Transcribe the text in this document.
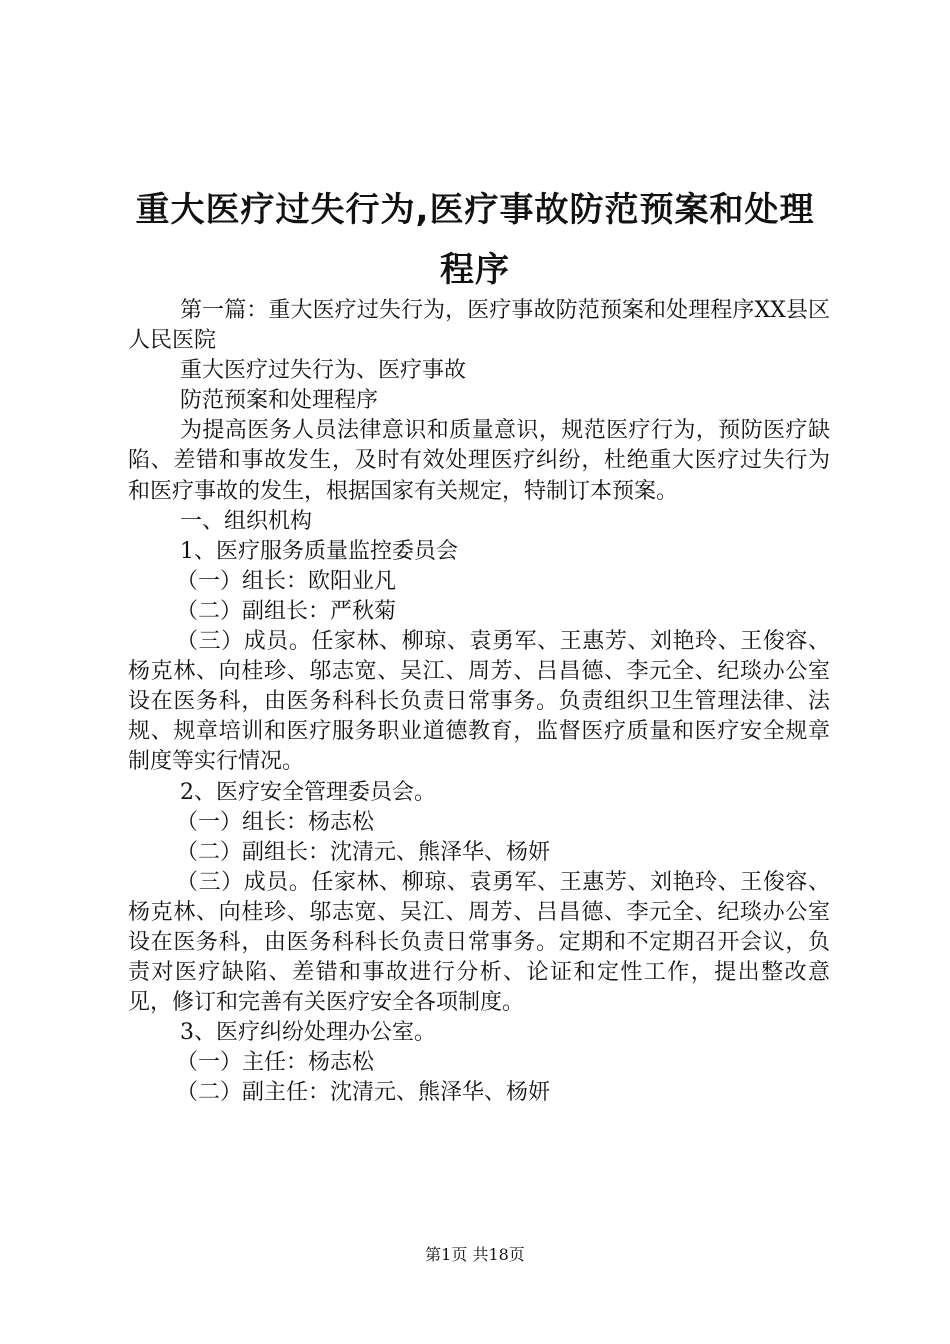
重大医疗过失行为,医疗事故防范预案和处理
程序

第一篇：重大医疗过失行为，医疗事故防范预案和处理程序XX县区人民医院

重大医疗过失行为、医疗事故

防范预案和处理程序

为提高医务人员法律意识和质量意识，规范医疗行为，预防医疗缺陷、差错和事故发生，及时有效处理医疗纠纷，杜绝重大医疗过失行为和医疗事故的发生，根据国家有关规定，特制订本预案。

一、组织机构

1、医疗服务质量监控委员会

（一）组长：欧阳业凡

（二）副组长：严秋菊

（三）成员。任家林、柳琼、袁勇军、王惠芳、刘艳玲、王俊容、杨克林、向桂珍、邬志宽、吴江、周芳、吕昌德、李元全、纪琰办公室设在医务科，由医务科科长负责日常事务。负责组织卫生管理法律、法规、规章培训和医疗服务职业道德教育，监督医疗质量和医疗安全规章制度等实行情况。

2、医疗安全管理委员会。

（一）组长：杨志松

（二）副组长：沈清元、熊泽华、杨妍

（三）成员。任家林、柳琼、袁勇军、王惠芳、刘艳玲、王俊容、杨克林、向桂珍、邬志宽、吴江、周芳、吕昌德、李元全、纪琰办公室设在医务科，由医务科科长负责日常事务。定期和不定期召开会议，负责对医疗缺陷、差错和事故进行分析、论证和定性工作，提出整改意见，修订和完善有关医疗安全各项制度。

3、医疗纠纷处理办公室。

（一）主任：杨志松

（二）副主任：沈清元、熊泽华、杨妍

第1页 共18页
